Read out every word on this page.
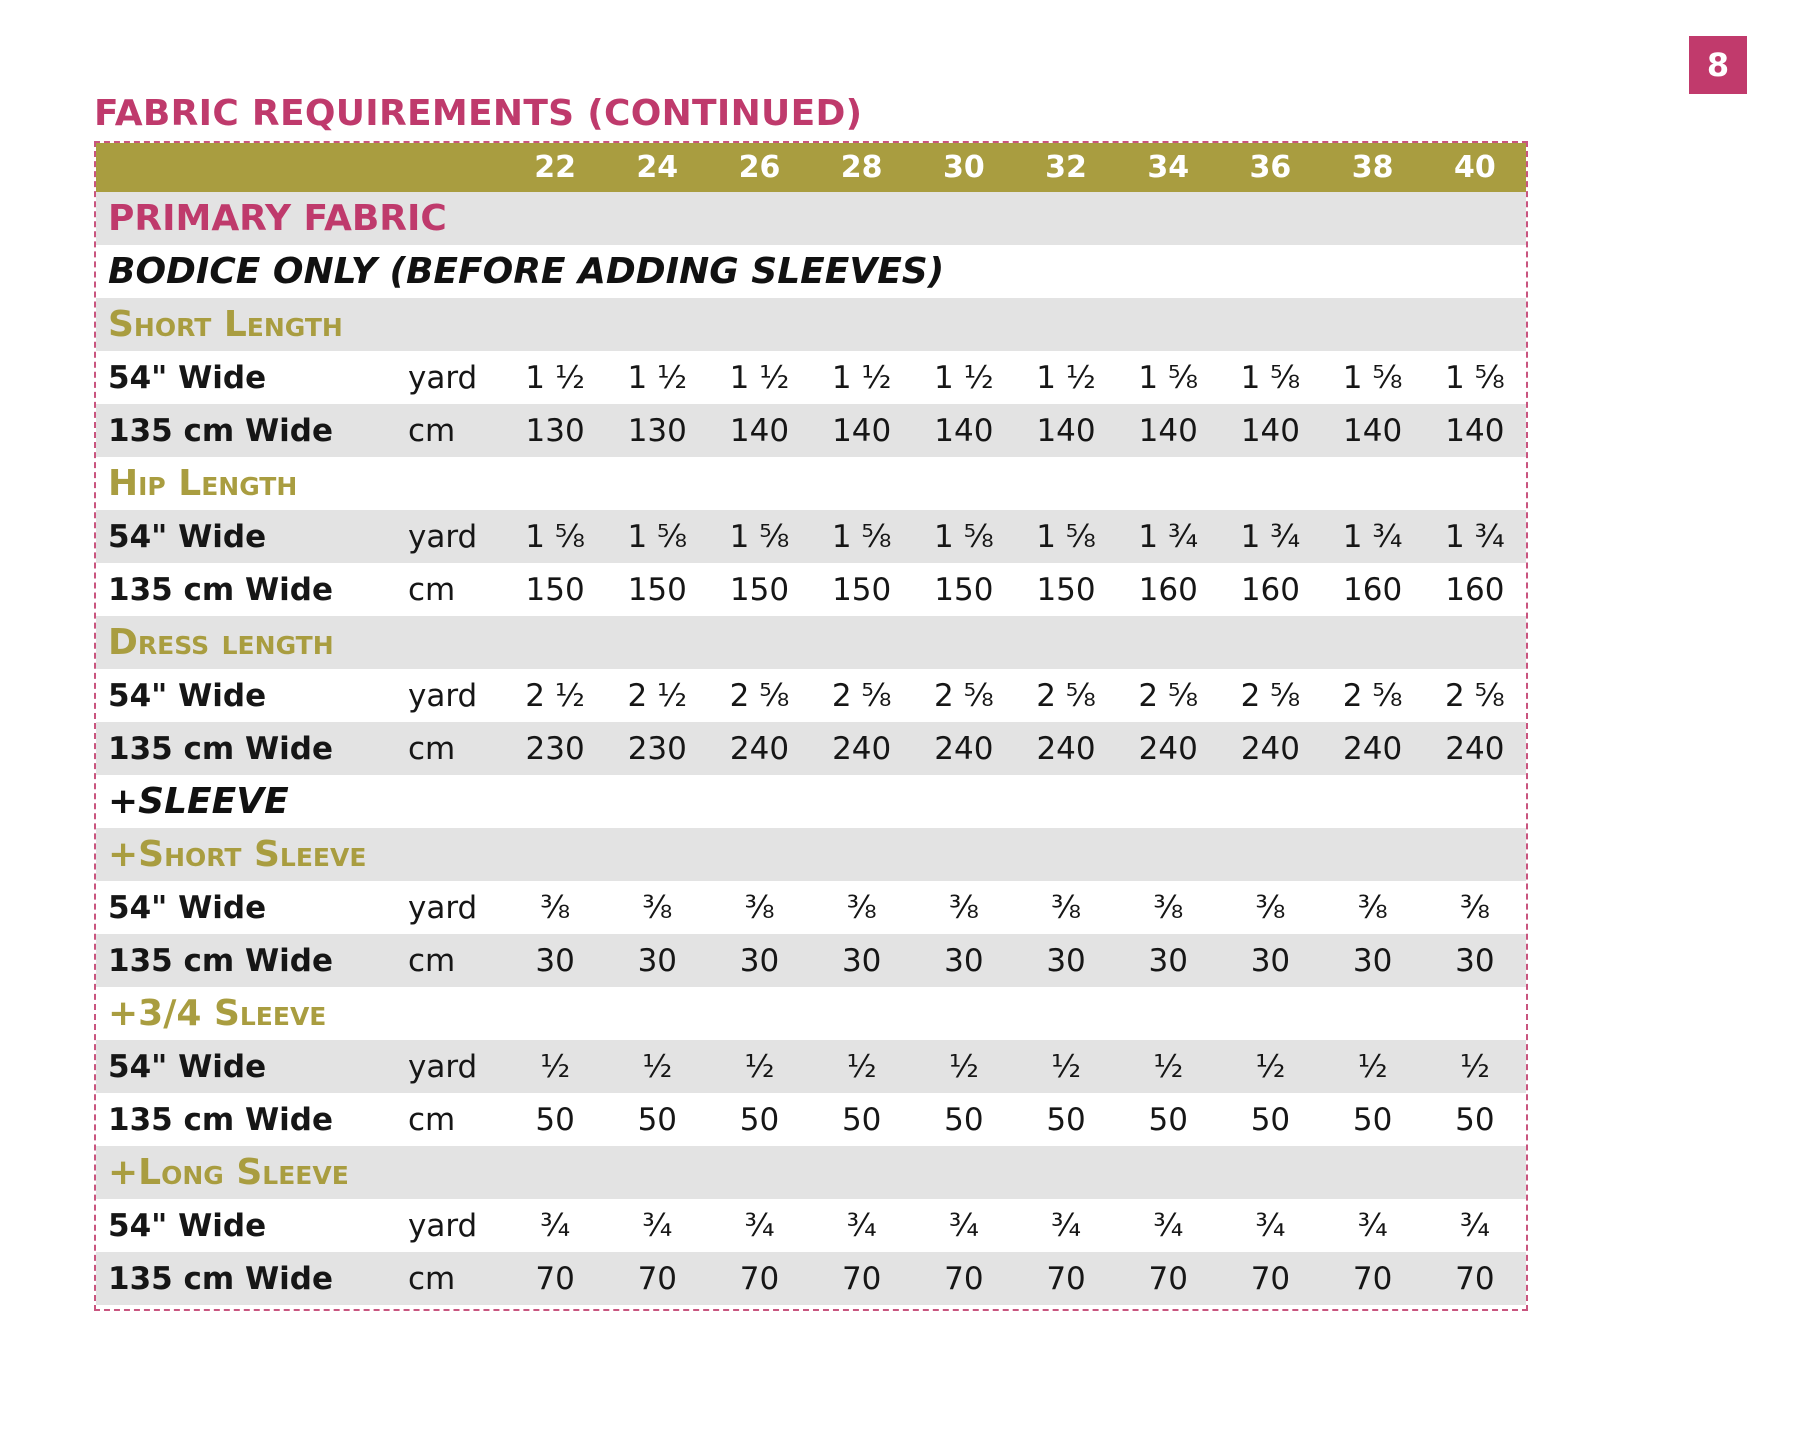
8
FABRIC REQUIREMENTS (CONTINUED)
		22	24	26	28	30	32	34	36	38	40
PRIMARY FABRIC											
BODICE ONLY (BEFORE ADDING SLEEVES)											
Short Length											
54" Wide	yard	1 ½	1 ½	1 ½	1 ½	1 ½	1 ½	1 ⅝	1 ⅝	1 ⅝	1 ⅝
135 cm Wide	cm	130	130	140	140	140	140	140	140	140	140
Hip Length											
54" Wide	yard	1 ⅝	1 ⅝	1 ⅝	1 ⅝	1 ⅝	1 ⅝	1 ¾	1 ¾	1 ¾	1 ¾
135 cm Wide	cm	150	150	150	150	150	150	160	160	160	160
Dress length											
54" Wide	yard	2 ½	2 ½	2 ⅝	2 ⅝	2 ⅝	2 ⅝	2 ⅝	2 ⅝	2 ⅝	2 ⅝
135 cm Wide	cm	230	230	240	240	240	240	240	240	240	240
+SLEEVE											
+Short Sleeve											
54" Wide	yard	⅜	⅜	⅜	⅜	⅜	⅜	⅜	⅜	⅜	⅜
135 cm Wide	cm	30	30	30	30	30	30	30	30	30	30
+3/4 Sleeve											
54" Wide	yard	½	½	½	½	½	½	½	½	½	½
135 cm Wide	cm	50	50	50	50	50	50	50	50	50	50
+Long Sleeve											
54" Wide	yard	¾	¾	¾	¾	¾	¾	¾	¾	¾	¾
135 cm Wide	cm	70	70	70	70	70	70	70	70	70	70
